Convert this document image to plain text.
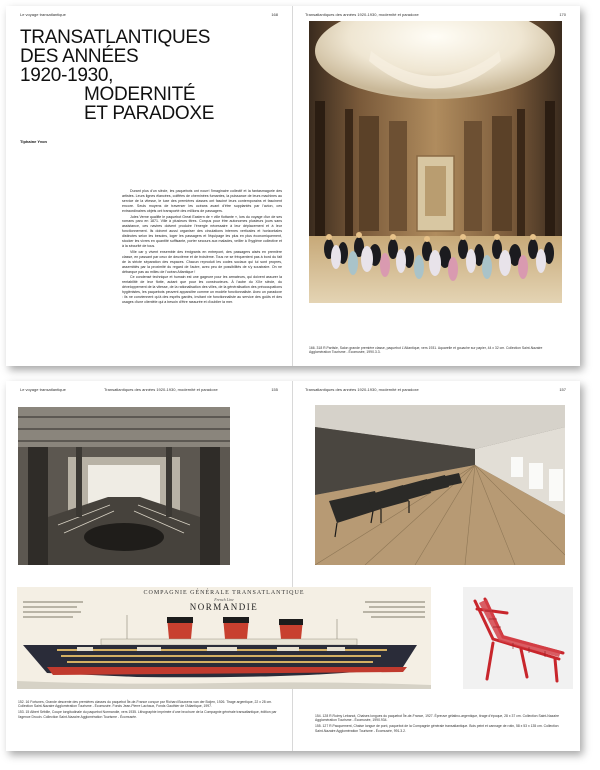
Le voyage transatlantique	168
TRANSATLANTIQUES
DES ANNÉES
1920-1930,
MODERNITÉ
ET PARADOXE
Tiphaine Yvon

Durant plus d'un siècle, les paquebots ont nourri l'imaginaire collectif et la fantasmagorie des artistes. Leurs lignes élancées, coiffées de cheminées fumantes, la puissance de leurs machines au service de la vitesse, le luxe des premières classes ont fasciné leurs contemporains et fascinent encore. Seuls moyens de traverser les océans avant d'être supplantés par l'avion, ces extraordinaires objets ont transporté des millions de passagers.

Jules Verne qualifie le paquebot Great Eastern de « ville flottante », lors du voyage d'un de ses romans paru en 1871. Ville à plusieurs titres. Conçus pour être autonomes plusieurs jours sans assistance, ces navires doivent produire l'énergie nécessaire à leur déplacement et à leur fonctionnement. Ils doivent aussi organiser des circulations internes verticales et horizontales distinctes selon les besoins, loger les passagers et l'équipage les plus en plus économiquement, stocker les vivres en quantité suffisante, porter secours aux malades, veiller à l'hygiène collective et à la sécurité de tous.

Ville car y vivent ensemble des émigrants en entrepont, des passagers aisés en première classe, en passant par ceux de deuxième et de troisième. Tous ne se fréquentent pas à bord du fait de la stricte séparation des espaces. Chacun reproduit les codes sociaux qui lui sont propres, assemblés par la proximité du regard de l'autre, avec peu de possibilités de s'y soustraire. On ne débarque pas au milieu de l'océan Atlantique !

Ce condensé technique et humain est une gageure pour les armateurs, qui doivent assurer la rentabilité de leur flotte, autant que pour les constructeurs. À l'aube du XXe siècle, du développement de la vitesse, de la rationalisation des villes, de la généralisation des préoccupations hygiénistes, les paquebots peuvent apparaître comme un modèle fonctionnaliste. Avec un paradoxe : ils ne conviennent qu'à des esprits gardés, invitant vie fonctionnaliste au service des goûts et des usages d'une clientèle qui a besoin d'être rassurée et d'oublier la mer.

Transatlantiques des années 1920-1930, modernité et paradoxe	170
166. 318 R.Partisle, Salon grande première classe, paquebot L'Atlantique, vers 1931. Aquarelle et gouache sur papier, 44 x 32 cm. Collection Saint-Nazaire Agglomération Tourisme - Écomusée, 1990.3.3.
Le voyage transatlantique	Transatlantiques des années 1920-1930, modernité et paradoxe	155

152. 16 Fortunes, Grande descente des premières classes du paquebot Île-de-France conçue par Richard Bouwens van der Boijen, 1926. Tirage argentique, 22 x 28 cm. Collection Saint-Nazaire Agglomération Tourisme - Écomusée. Fonds Jean-Pierre Lachaux, Fonds Gauthier de l'Atlantique, 1997.

153. 15 Albert Sébille, Coupe longitudinale du paquebot Normandie, vers 1935. Lithographie imprimée d'une brochure de la Compagnie générale transatlantique, édition par l'agence Drouin. Collection Saint-Nazaire Agglomération Tourisme - Écomusée.

COMPAGNIE GÉNÉRALE TRANSATLANTIQUE
French Line
NORMANDIE
Transatlantiques des années 1920-1930, modernité et paradoxe	157

154. 128 R.Ruimy Lebanot, Chaises longues du paquebot Île-de-France, 1927. Épreuve gélatino-argentique, tirage d'époque, 28 x 37 cm. Collection Saint-Nazaire Agglomération Tourisme - Écomusée, 1990.934.

155. 127 R.Pacquement, Chaise longue de pont, paquebot de la Compagnie générale transatlantique. Bois peint et cannage de rotin, 58 x 53 x 135 cm. Collection Saint-Nazaire Agglomération Tourisme - Écomusée, 991.3.2.
